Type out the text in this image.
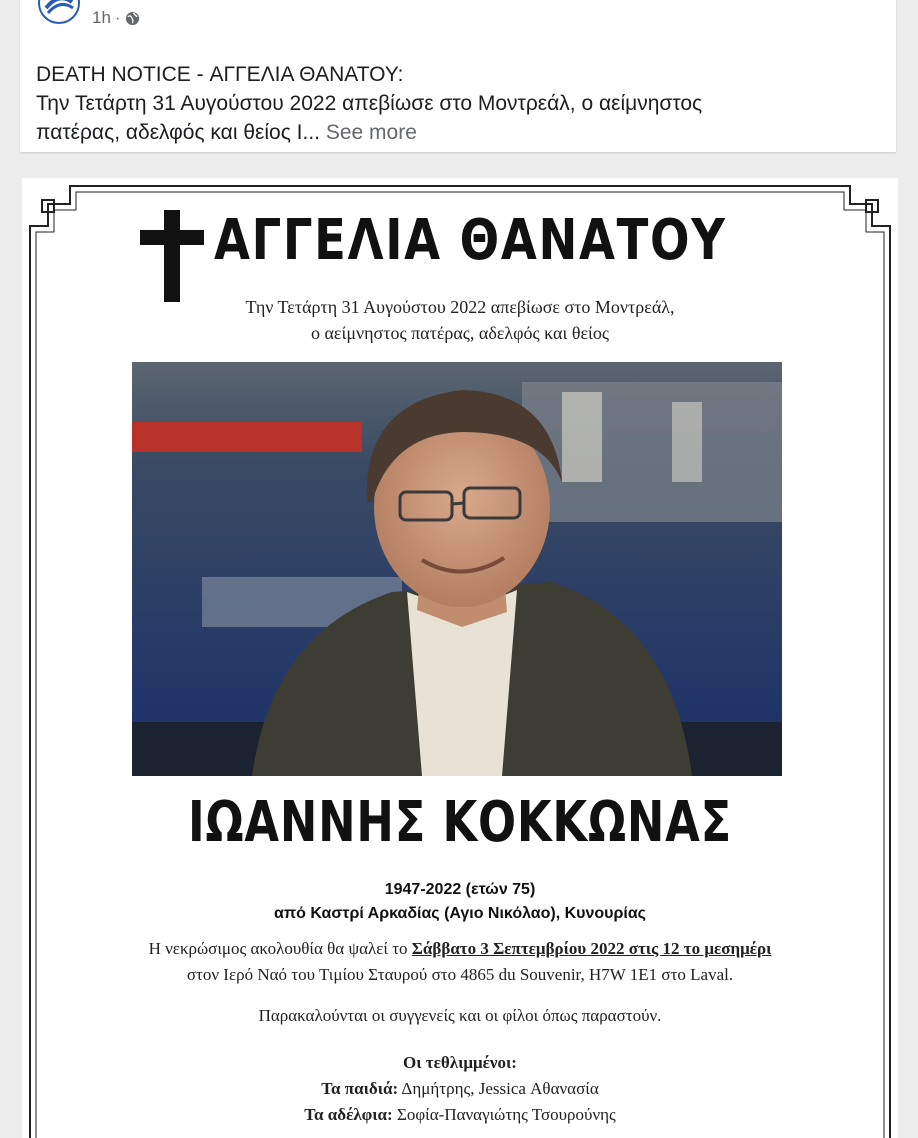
1h ·
DEATH NOTICE - ΑΓΓΕΛΙΑ ΘΑΝΑΤΟΥ:
Την Τετάρτη 31 Αυγούστου 2022 απεβίωσε στο Μοντρεάλ, ο αείμνηστος
πατέρας, αδελφός και θείος Ι... See more
ΑΓΓΕΛΙΑ ΘΑΝΑΤΟΥ
Την Τετάρτη 31 Αυγούστου 2022 απεβίωσε στο Μοντρεάλ,
ο αείμνηστος πατέρας, αδελφός και θείος
ΙΩΑΝΝΗΣ ΚΟΚΚΩΝΑΣ
1947-2022 (ετών 75)
από Καστρί Αρκαδίας (Αγιο Νικόλαο), Κυνουρίας
Η νεκρώσιμος ακολουθία θα ψαλεί το Σάββατο 3 Σεπτεμβρίου 2022 στις 12 το μεσημέρι
στον Ιερό Ναό του Τιμίου Σταυρού στο 4865 du Souvenir, H7W 1E1 στο Laval.
Παρακαλούνται οι συγγενείς και οι φίλοι όπως παραστούν.
Οι τεθλιμμένοι:
Τα παιδιά: Δημήτρης, Jessica Αθανασία
Τα αδέλφια: Σοφία-Παναγιώτης Τσουρούνης
